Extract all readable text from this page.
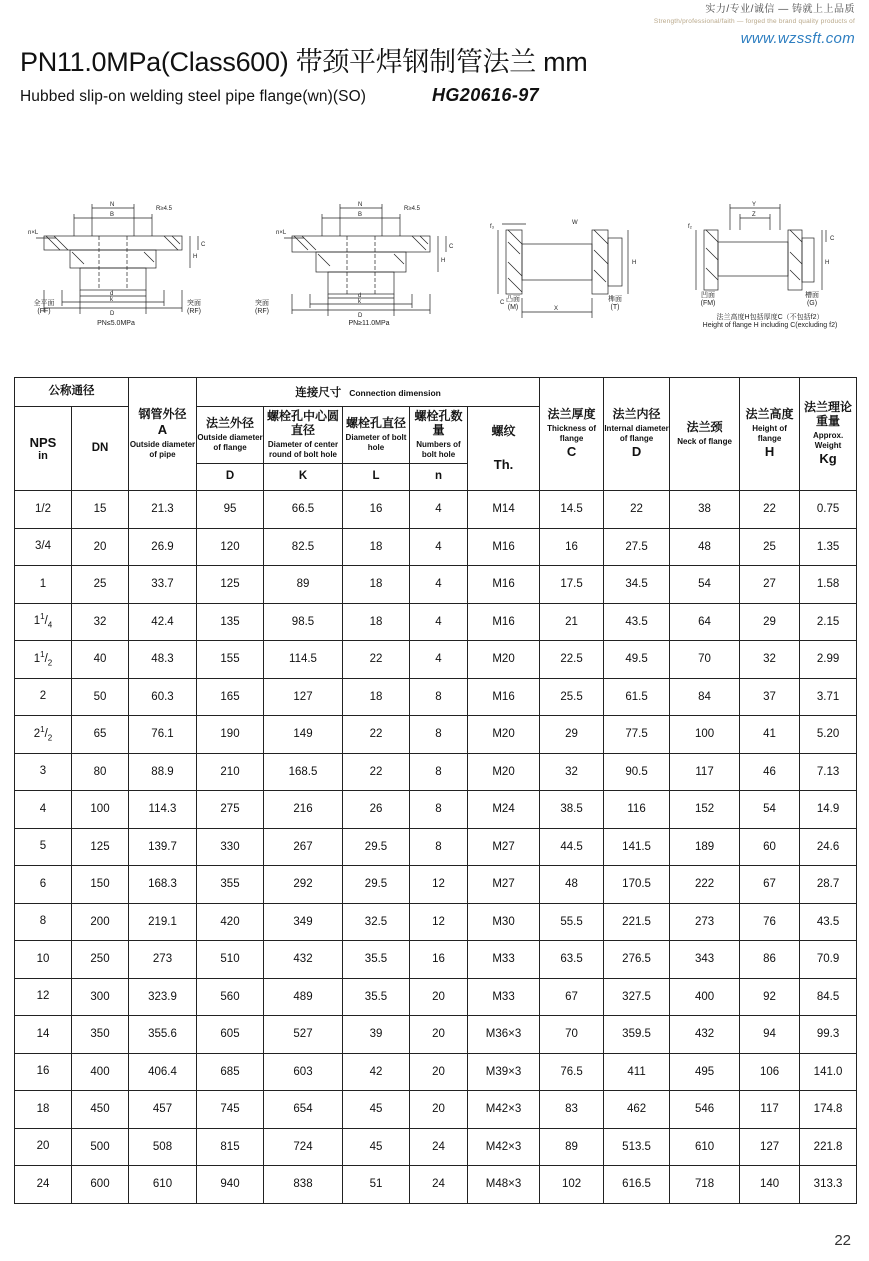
实力/专业/诚信 — 铸就上上品质
Strength/professional/faith — forged the brand quality products of
www.wzssft.com
PN11.0MPa(Class600) 带颈平焊钢制管法兰 mm
Hubbed slip-on welding steel pipe flange(wn)(SO)	HG20616-97
N
B
R≥4.5
n×L
d
k
D
H
C
全平面
(FF)
突面
(RF)
PN≤5.0MPa
N
B
R≥4.5
n×L
d
k
D
H
C
突面
(RF)
PN≥11.0MPa
f₃
X
W
H
C 凸面
(M)
榫面
(T)
Y
Z
f₂
H
C
凹面
(FM)
槽面
(G)
法兰高度H包括厚度C（不包括f2）
Height of flange H including C(excluding f2)
公称通径	
钢管外径
A
Outside diameter of pipe
	连接尺寸 Connection dimension	
法兰厚度
Thickness of flange
C

法兰内径
Internal diameter of flange
D

法兰颈
Neck of flange

法兰高度
Height of flange
H

法兰理论重量
Approx. Weight
Kg

NPS
in
	DN	
法兰外径
Outside diameter of flange

螺栓孔中心圆直径
Diameter of center round of bolt hole

螺栓孔直径
Diameter of bolt hole

螺栓孔数量
Numbers of bolt hole

螺纹
Th.

			D	K	L	n						
1/2	15	21.3	95	66.5	16	4	M14	14.5	22	38	22	0.75
3/4	20	26.9	120	82.5	18	4	M16	16	27.5	48	25	1.35
1	25	33.7	125	89	18	4	M16	17.5	34.5	54	27	1.58
$1^1/_4$	32	42.4	135	98.5	18	4	M16	21	43.5	64	29	2.15
$1^1/_2$	40	48.3	155	114.5	22	4	M20	22.5	49.5	70	32	2.99
2	50	60.3	165	127	18	8	M16	25.5	61.5	84	37	3.71
$2^1/_2$	65	76.1	190	149	22	8	M20	29	77.5	100	41	5.20
3	80	88.9	210	168.5	22	8	M20	32	90.5	117	46	7.13
4	100	114.3	275	216	26	8	M24	38.5	116	152	54	14.9
5	125	139.7	330	267	29.5	8	M27	44.5	141.5	189	60	24.6
6	150	168.3	355	292	29.5	12	M27	48	170.5	222	67	28.7
8	200	219.1	420	349	32.5	12	M30	55.5	221.5	273	76	43.5
10	250	273	510	432	35.5	16	M33	63.5	276.5	343	86	70.9
12	300	323.9	560	489	35.5	20	M33	67	327.5	400	92	84.5
14	350	355.6	605	527	39	20	M36×3	70	359.5	432	94	99.3
16	400	406.4	685	603	42	20	M39×3	76.5	411	495	106	141.0
18	450	457	745	654	45	20	M42×3	83	462	546	117	174.8
20	500	508	815	724	45	24	M42×3	89	513.5	610	127	221.8
24	600	610	940	838	51	24	M48×3	102	616.5	718	140	313.3
22
